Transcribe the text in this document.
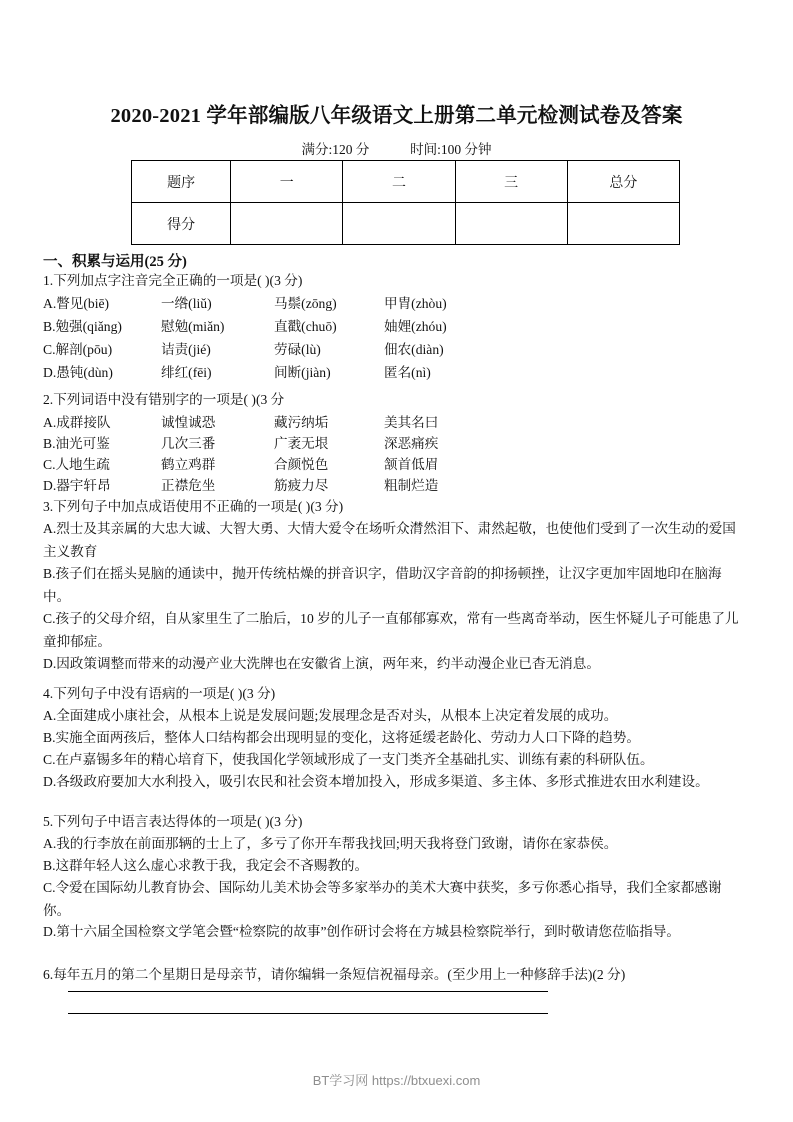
2020-2021 学年部编版八年级语文上册第二单元检测试卷及答案
满分:120 分	时间:100 分钟
题序	一	二	三	总分
得分				
一、积累与运用(25 分)
1.下列加点字注音完全正确的一项是( )(3 分)
A.瞥见(biē)	一绺(liǔ)	马鬃(zōng)	甲胄(zhòu)
B.勉强(qiǎng)	慰勉(miǎn)	直戳(chuō)	妯娌(zhóu)
C.解剖(pōu)	诘责(jié)	劳碌(lù)	佃农(diàn)
D.愚钝(dùn)	绯红(fēi)	间断(jiàn)	匿名(nì)
2.下列词语中没有错别字的一项是( )(3 分
A.成群接队	诚惶诚恐	藏污纳垢	美其名曰
B.油光可鉴	几次三番	广袤无垠	深恶痛疾
C.人地生疏	鹤立鸡群	合颜悦色	颔首低眉
D.器宇轩昂	正襟危坐	筋疲力尽	粗制烂造
3.下列句子中加点成语使用不正确的一项是( )(3 分)
A.烈士及其亲属的大忠大诚、大智大勇、大情大爱令在场听众潸然泪下、肃然起敬，也使他们受到了一次生动的爱国主义教育
B.孩子们在摇头晃脑的通读中，抛开传统枯燥的拼音识字，借助汉字音韵的抑扬顿挫，让汉字更加牢固地印在脑海中。
C.孩子的父母介绍，自从家里生了二胎后，10 岁的儿子一直郁郁寡欢，常有一些离奇举动，医生怀疑儿子可能患了儿童抑郁症。
D.因政策调整而带来的动漫产业大洗牌也在安徽省上演，两年来，约半动漫企业已杳无消息。
4.下列句子中没有语病的一项是( )(3 分)
A.全面建成小康社会，从根本上说是发展问题;发展理念是否对头，从根本上决定着发展的成功。
B.实施全面两孩后，整体人口结构都会出现明显的变化，这将延缓老龄化、劳动力人口下降的趋势。
C.在卢嘉锡多年的精心培育下，使我国化学领域形成了一支门类齐全基础扎实、训练有素的科研队伍。
D.各级政府要加大水利投入，吸引农民和社会资本增加投入，形成多渠道、多主体、多形式推进农田水利建设。
5.下列句子中语言表达得体的一项是( )(3 分)
A.我的行李放在前面那辆的士上了，多亏了你开车帮我找回;明天我将登门致谢，请你在家恭侯。
B.这群年轻人这么虚心求教于我，我定会不吝赐教的。
C.令爱在国际幼儿教育协会、国际幼儿美术协会等多家举办的美术大赛中获奖，多亏你悉心指导，我们全家都感谢你。
D.第十六届全国检察文学笔会暨“检察院的故事”创作研讨会将在方城县检察院举行，到时敬请您莅临指导。
6.每年五月的第二个星期日是母亲节，请你编辑一条短信祝福母亲。(至少用上一种修辞手法)(2 分)
BT学习网 https://btxuexi.com
